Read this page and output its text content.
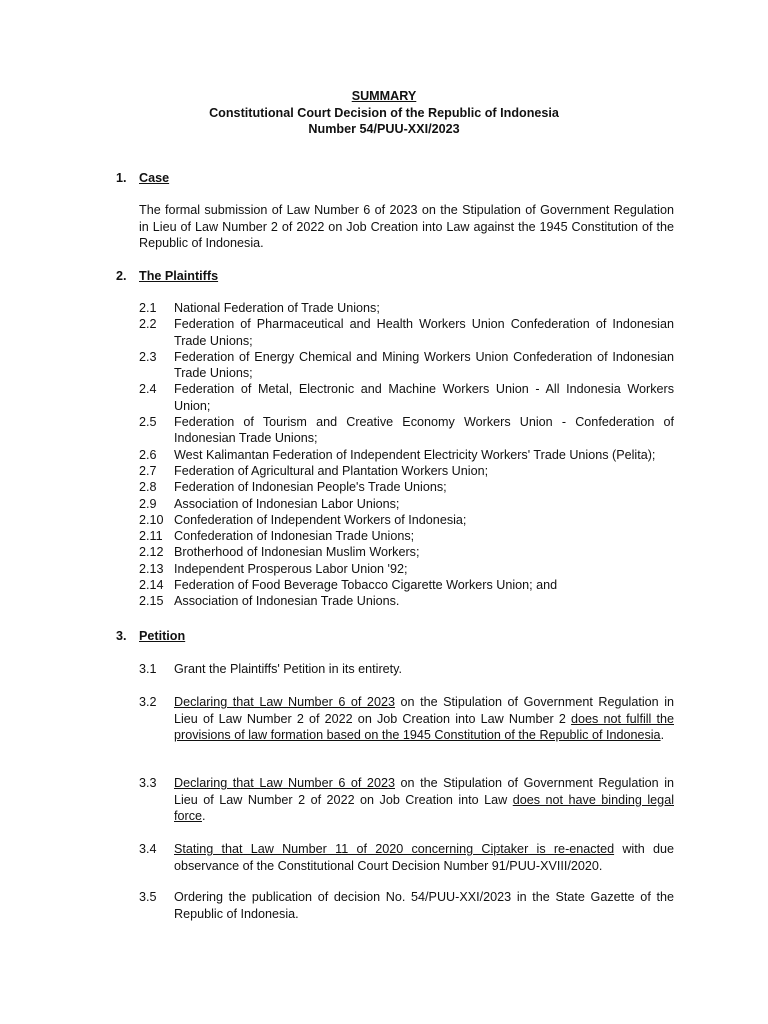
SUMMARY
Constitutional Court Decision of the Republic of Indonesia
Number 54/PUU-XXI/2023
1. Case
The formal submission of Law Number 6 of 2023 on the Stipulation of Government Regulation in Lieu of Law Number 2 of 2022 on Job Creation into Law against the 1945 Constitution of the Republic of Indonesia.
2. The Plaintiffs
2.1	National Federation of Trade Unions;
2.2	Federation of Pharmaceutical and Health Workers Union Confederation of Indonesian Trade Unions;
2.3	Federation of Energy Chemical and Mining Workers Union Confederation of Indonesian Trade Unions;
2.4	Federation of Metal, Electronic and Machine Workers Union - All Indonesia Workers Union;
2.5	Federation of Tourism and Creative Economy Workers Union - Confederation of Indonesian Trade Unions;
2.6	West Kalimantan Federation of Independent Electricity Workers' Trade Unions (Pelita);
2.7	Federation of Agricultural and Plantation Workers Union;
2.8	Federation of Indonesian People's Trade Unions;
2.9	Association of Indonesian Labor Unions;
2.10 Confederation of Independent Workers of Indonesia;
2.11 Confederation of Indonesian Trade Unions;
2.12 Brotherhood of Indonesian Muslim Workers;
2.13 Independent Prosperous Labor Union '92;
2.14 Federation of Food Beverage Tobacco Cigarette Workers Union; and
2.15 Association of Indonesian Trade Unions.
3. Petition
3.1	Grant the Plaintiffs' Petition in its entirety.
3.2	Declaring that Law Number 6 of 2023 on the Stipulation of Government Regulation in Lieu of Law Number 2 of 2022 on Job Creation into Law Number 2 does not fulfill the provisions of law formation based on the 1945 Constitution of the Republic of Indonesia.
3.3	Declaring that Law Number 6 of 2023 on the Stipulation of Government Regulation in Lieu of Law Number 2 of 2022 on Job Creation into Law does not have binding legal force.
3.4	Stating that Law Number 11 of 2020 concerning Ciptaker is re-enacted with due observance of the Constitutional Court Decision Number 91/PUU-XVIII/2020.
3.5	Ordering the publication of decision No. 54/PUU-XXI/2023 in the State Gazette of the Republic of Indonesia.
